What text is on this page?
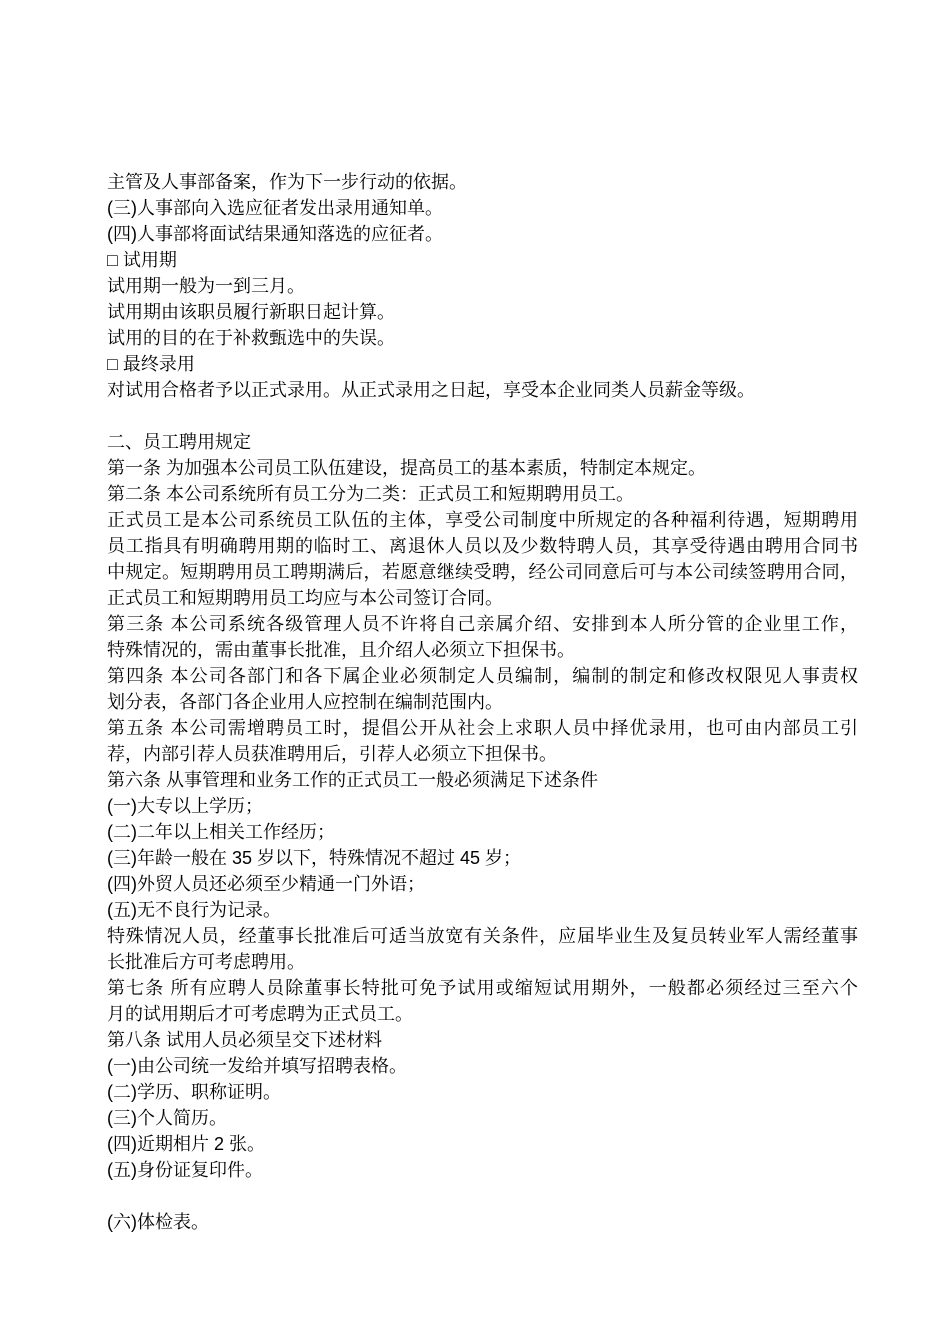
主管及人事部备案，作为下一步行动的依据。
(三)人事部向入选应征者发出录用通知单。
(四)人事部将面试结果通知落选的应征者。
□ 试用期
试用期一般为一到三月。
试用期由该职员履行新职日起计算。
试用的目的在于补救甄选中的失误。
□ 最终录用
对试用合格者予以正式录用。从正式录用之日起，享受本企业同类人员薪金等级。
二、员工聘用规定
第一条 为加强本公司员工队伍建设，提高员工的基本素质，特制定本规定。
第二条 本公司系统所有员工分为二类：正式员工和短期聘用员工。
正式员工是本公司系统员工队伍的主体，享受公司制度中所规定的各种福利待遇，短期聘用
员工指具有明确聘用期的临时工、离退休人员以及少数特聘人员，其享受待遇由聘用合同书
中规定。短期聘用员工聘期满后，若愿意继续受聘，经公司同意后可与本公司续签聘用合同，
正式员工和短期聘用员工均应与本公司签订合同。
第三条 本公司系统各级管理人员不许将自己亲属介绍、安排到本人所分管的企业里工作，
特殊情况的，需由董事长批准，且介绍人必须立下担保书。
第四条 本公司各部门和各下属企业必须制定人员编制，编制的制定和修改权限见人事责权
划分表，各部门各企业用人应控制在编制范围内。
第五条 本公司需增聘员工时，提倡公开从社会上求职人员中择优录用，也可由内部员工引
荐，内部引荐人员获准聘用后，引荐人必须立下担保书。
第六条 从事管理和业务工作的正式员工一般必须满足下述条件
(一)大专以上学历；
(二)二年以上相关工作经历；
(三)年龄一般在 35 岁以下，特殊情况不超过 45 岁；
(四)外贸人员还必须至少精通一门外语；
(五)无不良行为记录。
特殊情况人员，经董事长批准后可适当放宽有关条件，应届毕业生及复员转业军人需经董事
长批准后方可考虑聘用。
第七条 所有应聘人员除董事长特批可免予试用或缩短试用期外，一般都必须经过三至六个
月的试用期后才可考虑聘为正式员工。
第八条 试用人员必须呈交下述材料
(一)由公司统一发给并填写招聘表格。
(二)学历、职称证明。
(三)个人简历。
(四)近期相片 2 张。
(五)身份证复印件。
(六)体检表。
